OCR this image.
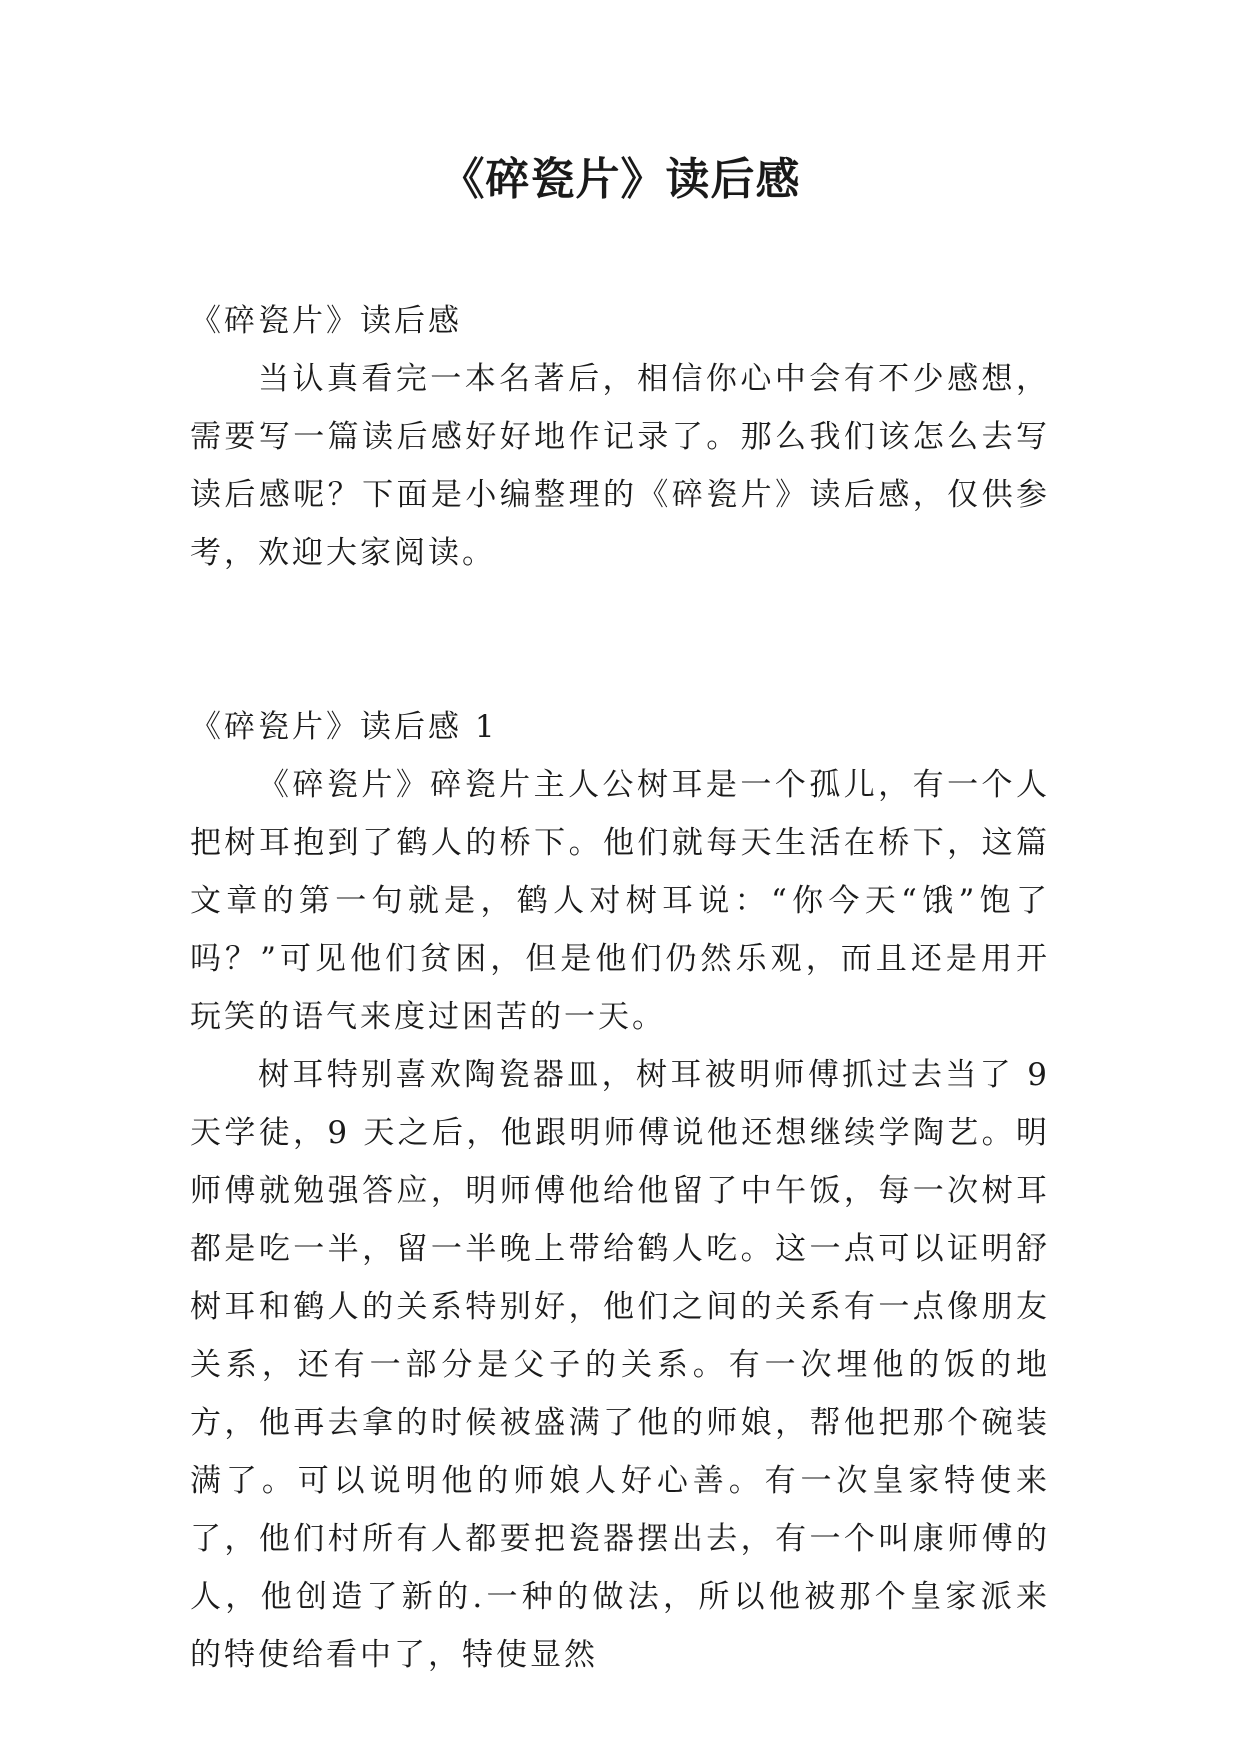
《碎瓷片》读后感

《碎瓷片》读后感

当认真看完一本名著后，相信你心中会有不少感想，需要写一篇读后感好好地作记录了。那么我们该怎么去写读后感呢？下面是小编整理的《碎瓷片》读后感，仅供参考，欢迎大家阅读。

《碎瓷片》读后感 1

《碎瓷片》碎瓷片主人公树耳是一个孤儿，有一个人把树耳抱到了鹤人的桥下。他们就每天生活在桥下，这篇文章的第一句就是，鹤人对树耳说：“你今天“饿”饱了吗？”可见他们贫困，但是他们仍然乐观，而且还是用开玩笑的语气来度过困苦的一天。

树耳特别喜欢陶瓷器皿，树耳被明师傅抓过去当了 9 天学徒，9 天之后，他跟明师傅说他还想继续学陶艺。明师傅就勉强答应，明师傅他给他留了中午饭，每一次树耳都是吃一半，留一半晚上带给鹤人吃。这一点可以证明舒树耳和鹤人的关系特别好，他们之间的关系有一点像朋友关系，还有一部分是父子的关系。有一次埋他的饭的地方，他再去拿的时候被盛满了他的师娘，帮他把那个碗装满了。可以说明他的师娘人好心善。有一次皇家特使来了，他们村所有人都要把瓷器摆出去，有一个叫康师傅的人，他创造了新的.一种的做法，所以他被那个皇家派来的特使给看中了，特使显然
